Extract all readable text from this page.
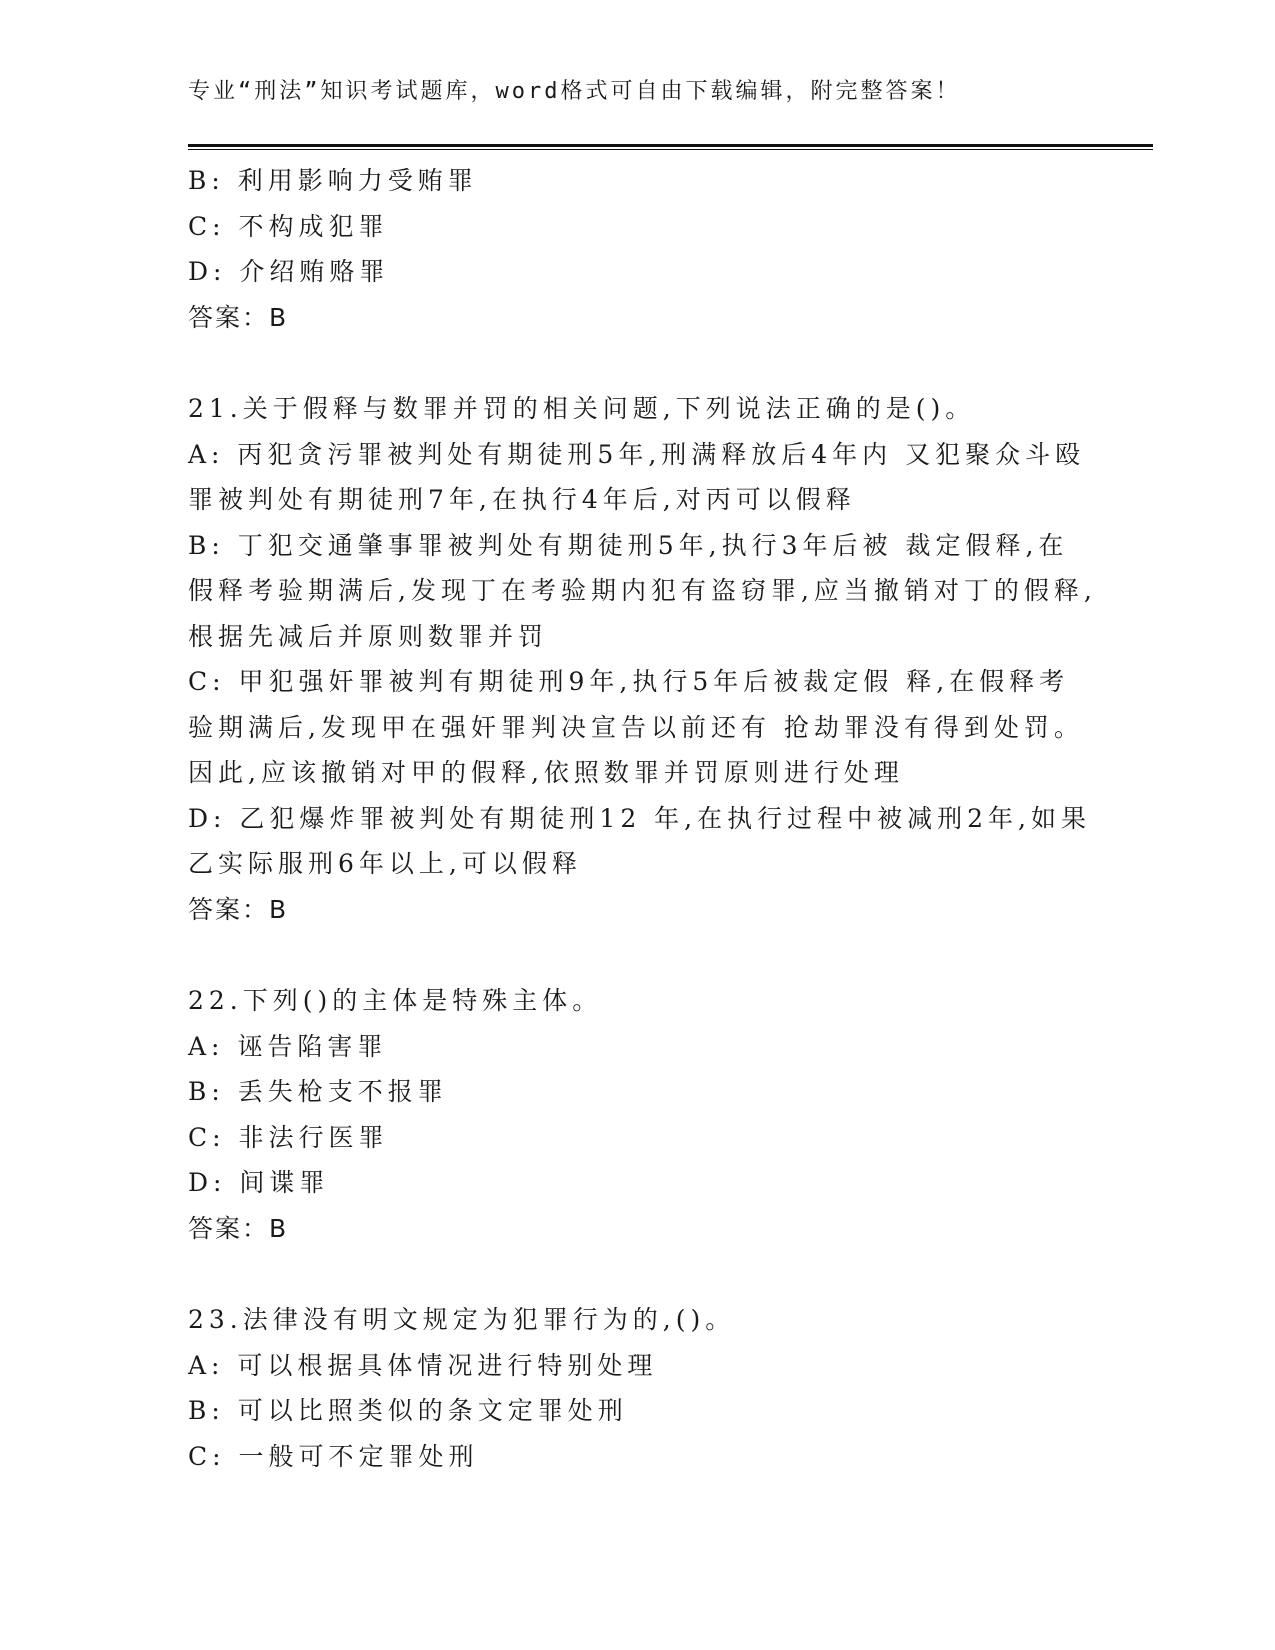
专业“刑法”知识考试题库，word格式可自由下载编辑，附完整答案！
B: 利用影响力受贿罪
C: 不构成犯罪
D: 介绍贿赂罪
答案：B
21.关于假释与数罪并罚的相关问题,下列说法正确的是()。
A: 丙犯贪污罪被判处有期徒刑5年,刑满释放后4年内 又犯聚众斗殴
罪被判处有期徒刑7年,在执行4年后,对丙可以假释
B: 丁犯交通肇事罪被判处有期徒刑5年,执行3年后被 裁定假释,在
假释考验期满后,发现丁在考验期内犯有盗窃罪,应当撤销对丁的假释,
根据先减后并原则数罪并罚
C: 甲犯强奸罪被判有期徒刑9年,执行5年后被裁定假 释,在假释考
验期满后,发现甲在强奸罪判决宣告以前还有 抢劫罪没有得到处罚。
因此,应该撤销对甲的假释,依照数罪并罚原则进行处理
D: 乙犯爆炸罪被判处有期徒刑12 年,在执行过程中被减刑2年,如果
乙实际服刑6年以上,可以假释
答案：B
22.下列()的主体是特殊主体。
A: 诬告陷害罪
B: 丢失枪支不报罪
C: 非法行医罪
D: 间谍罪
答案：B
23.法律没有明文规定为犯罪行为的,()。
A: 可以根据具体情况进行特别处理
B: 可以比照类似的条文定罪处刑
C: 一般可不定罪处刑
